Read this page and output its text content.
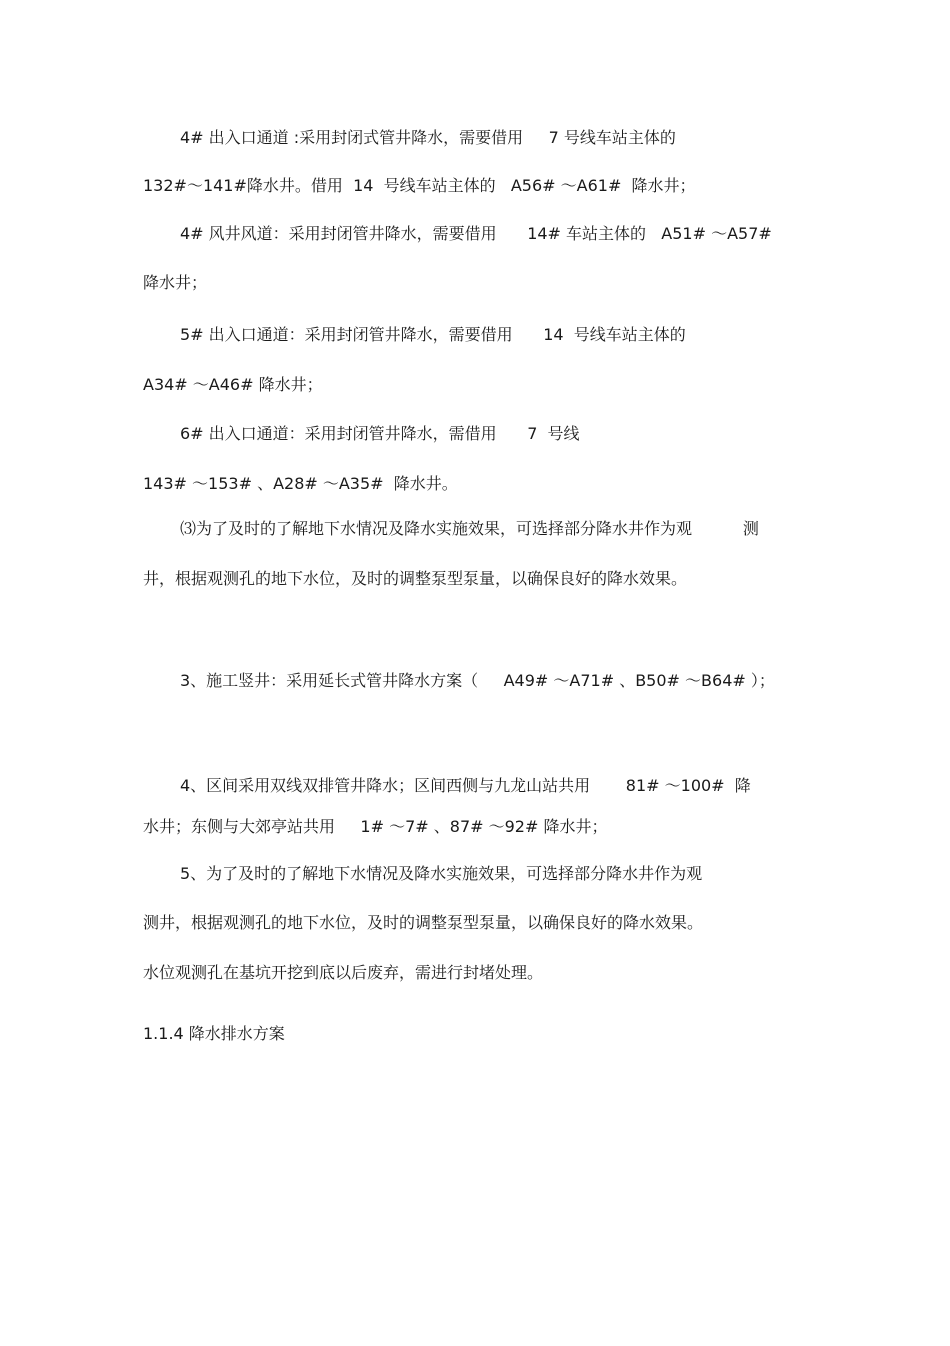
4# 出入口通道 :采用封闭式管井降水，需要借用     7 号线车站主体的
132#～141#降水井。借用  14  号线车站主体的   A56# ～A61#  降水井；
4# 风井风道：采用封闭管井降水，需要借用      14# 车站主体的   A51# ～A57#
降水井；
5# 出入口通道：采用封闭管井降水，需要借用      14  号线车站主体的
A34# ～A46# 降水井；
6# 出入口通道：采用封闭管井降水，需借用      7  号线
143# ～153# 、A28# ～A35#  降水井。
⑶为了及时的了解地下水情况及降水实施效果，可选择部分降水井作为观          测
井，根据观测孔的地下水位，及时的调整泵型泵量，以确保良好的降水效果。
3、施工竖井：采用延长式管井降水方案（     A49# ～A71# 、B50# ～B64# ）；
4、区间采用双线双排管井降水；区间西侧与九龙山站共用       81# ～100#  降
水井；东侧与大郊亭站共用     1# ～7# 、87# ～92# 降水井；
5、为了及时的了解地下水情况及降水实施效果，可选择部分降水井作为观
测井，根据观测孔的地下水位，及时的调整泵型泵量，以确保良好的降水效果。
水位观测孔在基坑开挖到底以后废弃，需进行封堵处理。
1.1.4 降水排水方案
